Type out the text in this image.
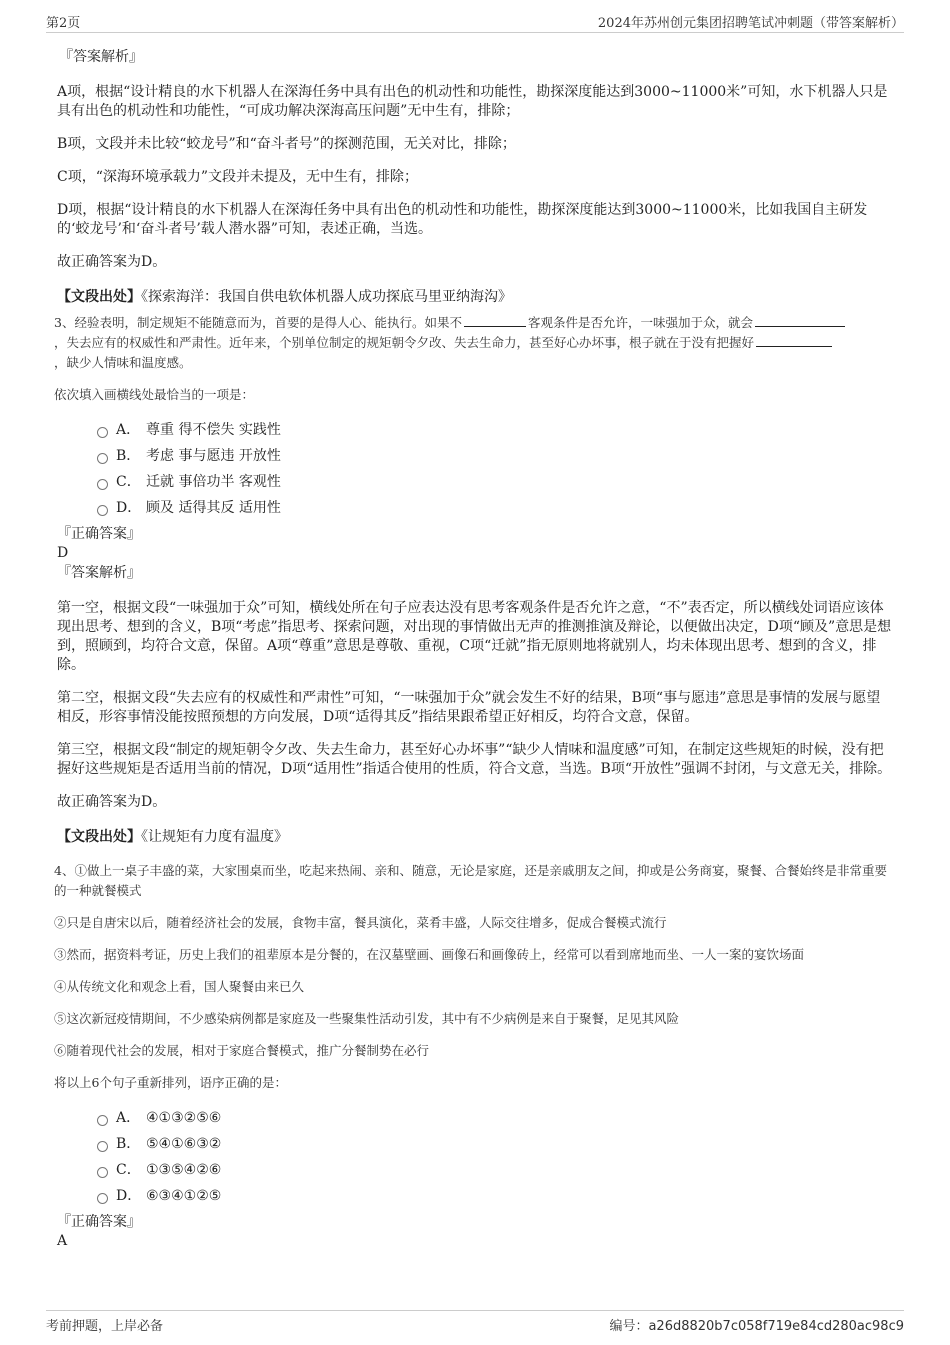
第2页	2024年苏州创元集团招聘笔试冲刺题（带答案解析）

『答案解析』

A项，根据“设计精良的水下机器人在深海任务中具有出色的机动性和功能性，勘探深度能达到3000~11000米”可知，水下机器人只是具有出色的机动性和功能性，“可成功解决深海高压问题”无中生有，排除；

B项，文段并未比较“蛟龙号”和“奋斗者号”的探测范围，无关对比，排除；

C项，“深海环境承载力”文段并未提及，无中生有，排除；

D项，根据“设计精良的水下机器人在深海任务中具有出色的机动性和功能性，勘探深度能达到3000~11000米，比如我国自主研发的‘蛟龙号’和‘奋斗者号’载人潜水器”可知，表述正确，当选。

故正确答案为D。

【文段出处】《探索海洋：我国自供电软体机器人成功探底马里亚纳海沟》

3、经验表明，制定规矩不能随意而为，首要的是得人心、能执行。如果不	客观条件是否允许，一味强加于众，就会
，失去应有的权威性和严肃性。近年来，个别单位制定的规矩朝令夕改、失去生命力，甚至好心办坏事，根子就在于没有把握好
，缺少人情味和温度感。

依次填入画横线处最恰当的一项是：

A． 尊重 得不偿失 实践性
B． 考虑 事与愿违 开放性
C． 迁就 事倍功半 客观性
D． 顾及 适得其反 适用性

『正确答案』

D

『答案解析』

第一空，根据文段“一味强加于众”可知，横线处所在句子应表达没有思考客观条件是否允许之意，“不”表否定，所以横线处词语应该体现出思考、想到的含义，B项“考虑”指思考、探索问题，对出现的事情做出无声的推测推演及辩论，以便做出决定，D项“顾及”意思是想到，照顾到，均符合文意，保留。A项“尊重”意思是尊敬、重视，C项“迁就”指无原则地将就别人，均未体现出思考、想到的含义，排除。

第二空，根据文段“失去应有的权威性和严肃性”可知，“一味强加于众”就会发生不好的结果，B项“事与愿违”意思是事情的发展与愿望相反，形容事情没能按照预想的方向发展，D项“适得其反”指结果跟希望正好相反，均符合文意，保留。

第三空，根据文段“制定的规矩朝令夕改、失去生命力，甚至好心办坏事”“缺少人情味和温度感”可知，在制定这些规矩的时候，没有把握好这些规矩是否适用当前的情况，D项“适用性”指适合使用的性质，符合文意，当选。B项“开放性”强调不封闭，与文意无关，排除。

故正确答案为D。

【文段出处】《让规矩有力度有温度》

4、①做上一桌子丰盛的菜，大家围桌而坐，吃起来热闹、亲和、随意，无论是家庭，还是亲戚朋友之间，抑或是公务商宴，聚餐、合餐始终是非常重要的一种就餐模式

②只是自唐宋以后，随着经济社会的发展，食物丰富，餐具演化，菜肴丰盛，人际交往增多，促成合餐模式流行

③然而，据资料考证，历史上我们的祖辈原本是分餐的，在汉墓壁画、画像石和画像砖上，经常可以看到席地而坐、一人一案的宴饮场面

④从传统文化和观念上看，国人聚餐由来已久

⑤这次新冠疫情期间，不少感染病例都是家庭及一些聚集性活动引发，其中有不少病例是来自于聚餐，足见其风险

⑥随着现代社会的发展，相对于家庭合餐模式，推广分餐制势在必行

将以上6个句子重新排列，语序正确的是：

A． ④①③②⑤⑥
B． ⑤④①⑥③②
C． ①③⑤④②⑥
D． ⑥③④①②⑤

『正确答案』

A

考前押题，上岸必备	编号：a26d8820b7c058f719e84cd280ac98c9
